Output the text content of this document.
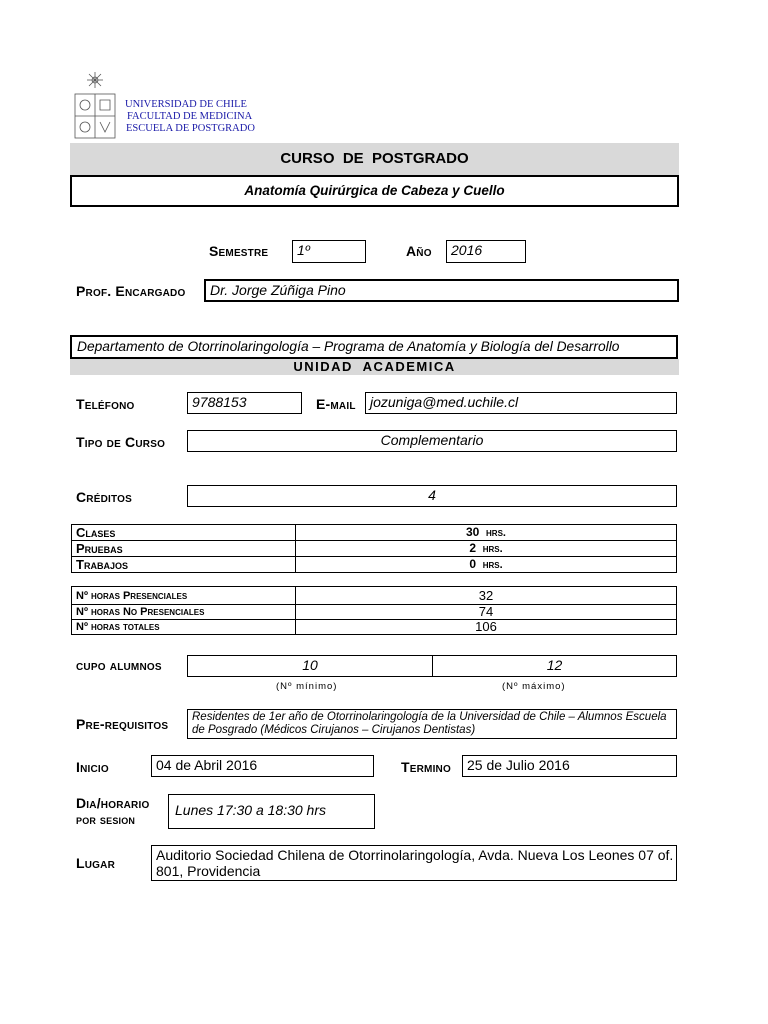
UNIVERSIDAD DE CHILE
FACULTAD DE MEDICINA
ESCUELA DE POSTGRADO
CURSO  DE  POSTGRADO
Anatomía Quirúrgica de Cabeza y Cuello
Semestre 1º	Año 2016
Prof. Encargado Dr. Jorge Zúñiga Pino
Departamento de Otorrinolaringología – Programa de Anatomía y Biología del Desarrollo
UNIDAD  ACADEMICA
Teléfono	9788153	E-mail jozuniga@med.uchile.cl
Tipo de Curso	Complementario
Créditos	4
Clases	30 hrs.
Pruebas	2 hrs.
Trabajos	0 hrs.
Nº horas Presenciales	32
Nº horas No Presenciales	74
Nº horas totales	106
cupo alumnos	10	12
(Nº mínimo)	(Nº máximo)
Pre-requisitos	Residentes de 1er año de Otorrinolaringología de la Universidad de Chile – Alumnos Escuela de Posgrado (Médicos Cirujanos – Cirujanos Dentistas)
Inicio	04 de Abril 2016	Termino 25 de Julio 2016
Dia/horario
por sesion
Lunes 17:30 a 18:30 hrs
Lugar	Auditorio Sociedad Chilena de Otorrinolaringología, Avda. Nueva Los Leones 07 of. 801, Providencia
